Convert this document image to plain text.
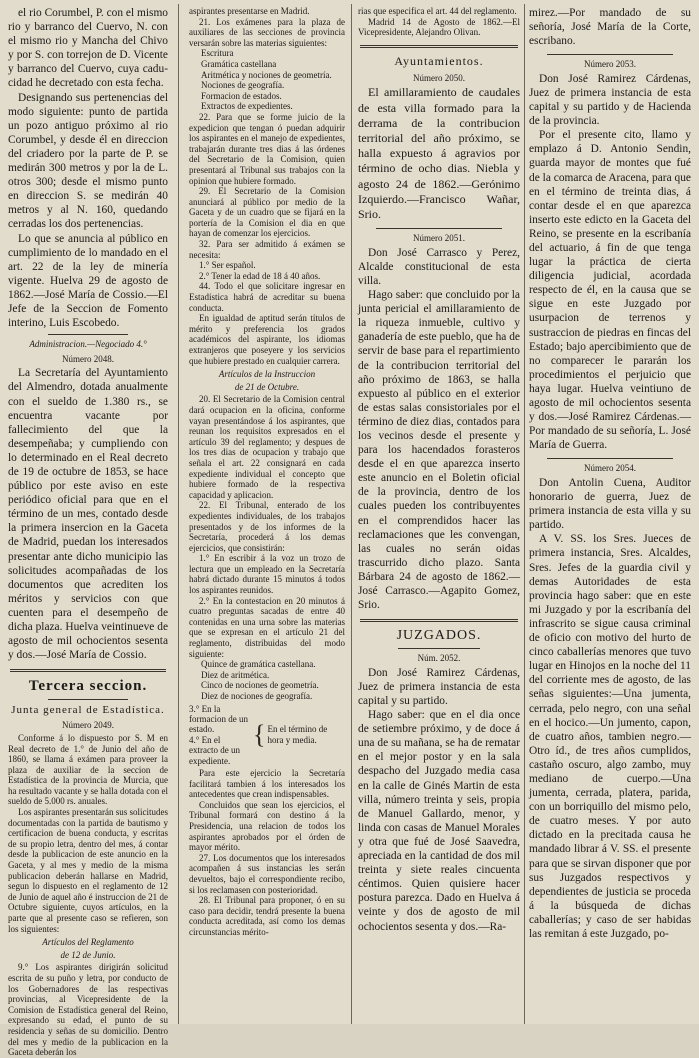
el rio Corumbel, P. con el mismo rio y barranco del Cuervo, N. con el mismo rio y Mancha del Chivo y por S. con torrejon de D. Vicente y barranco del Cuervo, cuya cadu-cidad he decretado con esta fecha.

Designando sus pertenencias del modo siguiente: punto de partida un pozo antiguo próximo al rio Corumbel, y desde él en direccion del criadero por la parte de P. se medirán 300 metros y por la de L. otros 300; desde el mismo punto en direccion S. se medirán 40 metros y al N. 160, quedando cerradas los dos pertenencias.

Lo que se anuncia al público en cumplimiento de lo mandado en el art. 22 de la ley de minería vigente. Huelva 29 de agosto de 1862.—José María de Cossio.—El Jefe de la Seccion de Fomento interino, Luis Escobedo.

Administracion.—Negociado 4.°

Número 2048.

La Secretaría del Ayuntamiento del Almendro, dotada anualmente con el sueldo de 1.380 rs., se encuentra vacante por fallecimiento del que la desempeñaba; y cumpliendo con lo determinado en el Real decreto de 19 de octubre de 1853, se hace público por este aviso en este periódico oficial para que en el término de un mes, contado desde la primera insercion en la Gaceta de Madrid, puedan los interesados presentar ante dicho municipio las solicitudes acompañadas de los documentos que acrediten los méritos y servicios con que cuenten para el desempeño de dicha plaza. Huelva veintinueve de agosto de mil ochocientos sesenta y dos.—José María de Cossio.

Tercera seccion.
Junta general de Estadística.

Número 2049.

Conforme á lo dispuesto por S. M en Real decreto de 1.° de Junio del año de 1860, se llama á exámen para proveer la plaza de auxiliar de la seccion de Estadística de la provincia de Murcia, que ha resultado vacante y se halla dotada con el sueldo de 5.000 rs. anuales.

Los aspirantes presentarán sus solicitudes documentadas con la partida de bautismo y certificacion de buena conducta, y escritas de su propio letra, dentro del mes, á contar desde la publicacion de este anuncio en la Gaceta, y al mes y medio de la misma publicacion deberán hallarse en Madrid, segun lo dispuesto en el reglamento de 12 de Junio de aquel año é instruccion de 21 de Octubre siguiente, cuyos artículos, en la parte que al presente caso se refieren, son los siguientes:

Artículos del Reglamento

de 12 de Junio.

9.° Los aspirantes dirigirán solicitud escrita de su puño y letra, por conducto de los Gobernadores de las respectivas provincias, al Vicepresidente de la Comision de Estadística general del Reino, expresando su edad, el punto de su residencia y señas de su domicilio. Dentro del mes y medio de la publicacion en la Gaceta deberán los

aspirantes presentarse en Madrid.

21. Los exámenes para la plaza de auxiliares de las secciones de provincia versarán sobre las materias siguientes:

Escritura
Gramática castellana
Aritmética y nociones de geometría.
Nociones de geografía.
Formacion de estados.
Extractos de expedientes.

22. Para que se forme juicio de la expedicion que tengan ó puedan adquirir los aspirantes en el manejo de expedientes, trabajarán durante tres dias á las órdenes del Secretario de la Comision, quien presentará al Tribunal sus trabajos con la opinion que hubiere formado.

29. El Secretario de la Comision anunciará al público por medio de la Gaceta y de un cuadro que se fijará en la portería de la Comision el dia en que hayan de comenzar los ejercicios.

32. Para ser admitido á exámen se necesita:

1.° Ser español.

2.° Tener la edad de 18 á 40 años.

44. Todo el que solicitare ingresar en Estadística habrá de acreditar su buena conducta.

En igualdad de aptitud serán títulos de mérito y preferencia los grados académicos del aspirante, los idiomas extranjeros que poseyere y los servicios que hubiere prestado en cualquier carrera.

Artículos de la Instruccion

de 21 de Octubre.

20. El Secretario de la Comision central dará ocupacion en la oficina, conforme vayan presentándose á los aspirantes, que reunan los requisitos expresados en el artículo 39 del reglamento; y despues de los tres dias de ocupacion y trabajo que señala el art. 22 consignará en cada expediente individual el concepto que hubiere formado de la respectiva capacidad y aplicacion.

22. El Tribunal, enterado de los expedientes individuales, de los trabajos presentados y de los informes de la Secretaría, procederá á los demas ejercicios, que consistirán:

1.° En escribir á la voz un trozo de lectura que un empleado en la Secretaría habrá dictado durante 15 minutos á todos los aspirantes reunidos.

2.° En la contestacion en 20 minutos á cuatro preguntas sacadas de entre 40 contenidas en una urna sobre las materias que se expresan en el artículo 21 del reglamento, distribuidas del modo siguiente:

Quince de gramática castellana.
Diez de aritmética.
Cinco de nociones de geometría.
Diez de nociones de geografía.
3.° En la formacion de un estado.
4.° En el extracto de un expediente.
{ En el término de hora y media.

Para este ejercicio la Secretaría facilitará tambien á los interesados los antecedentes que crean indispensables.

Concluidos que sean los ejercicios, el Tribunal formará con destino á la Presidencia, una relacion de todos los aspirantes aprobados por el órden de mayor mérito.

27. Los documentos que los interesados acompañen á sus instancias les serán devueltos, bajo el correspondiente recibo, si los reclamasen con posterioridad.

28. El Tribunal para proponer, ó en su caso para decidir, tendrá presente la buena conducta acreditada, así como los demas circunstancias mérito-

rias que especifica el art. 44 del reglamento.

Madrid 14 de Agosto de 1862.—El Vicepresidente, Alejandro Olivan.

Ayuntamientos.

Número 2050.

El amillaramiento de caudales de esta villa formado para la derrama de la contribucion territorial del año próximo, se halla expuesto á agravios por término de ocho dias. Niebla y agosto 24 de 1862.—Gerónimo Izquierdo.—Francisco Wañar, Srio.

Número 2051.

Don José Carrasco y Perez, Alcalde constitucional de esta villa.

Hago saber: que concluido por la junta pericial el amillaramiento de la riqueza inmueble, cultivo y ganadería de este pueblo, que ha de servir de base para el repartimiento de la contribucion territorial del año próximo de 1863, se halla expuesto al público en el exterior de estas salas consistoriales por el término de diez dias, contados para los vecinos desde el presente y para los hacendados forasteros desde el en que aparezca inserto este anuncio en el Boletin oficial de la provincia, dentro de los cuales pueden los contribuyentes en el comprendidos hacer las reclamaciones que les convengan, las cuales no serán oidas trascurrido dicho plazo. Santa Bárbara 24 de agosto de 1862.—José Carrasco.—Agapito Gomez, Srio.

JUZGADOS.

Núm. 2052.

Don José Ramirez Cárdenas, Juez de primera instancia de esta capital y su partido.

Hago saber: que en el dia once de setiembre próximo, y de doce á una de su mañana, se ha de rematar en el mejor postor y en la sala despacho del Juzgado media casa en la calle de Ginés Martin de esta villa, número treinta y seis, propia de Manuel Gallardo, menor, y linda con casas de Manuel Morales y otra que fué de José Saavedra, apreciada en la cantidad de dos mil treinta y siete reales cincuenta céntimos. Quien quisiere hacer postura parezca. Dado en Huelva á veinte y dos de agosto de mil ochocientos sesenta y dos.—Ra-

mirez.—Por mandado de su señoría, José María de la Corte, escribano.

Número 2053.

Don José Ramirez Cárdenas, Juez de primera instancia de esta capital y su partido y de Hacienda de la provincia.

Por el presente cito, llamo y emplazo á D. Antonio Sendin, guarda mayor de montes que fué de la comarca de Aracena, para que en el término de treinta dias, á contar desde el en que aparezca inserto este edicto en la Gaceta del Reino, se presente en la escribanía del actuario, á fin de que tenga lugar la práctica de cierta diligencia judicial, acordada respecto de él, en la causa que se sigue en este Juzgado por usurpacion de terrenos y sustraccion de piedras en fincas del Estado; bajo apercibimiento que de no comparecer le pararán los procedimientos el perjuicio que haya lugar. Huelva veintiuno de agosto de mil ochocientos sesenta y dos.—José Ramirez Cárdenas.—Por mandado de su señoría, L. José María de Guerra.

Número 2054.

Don Antolin Cuena, Auditor honorario de guerra, Juez de primera instancia de esta villa y su partido.

A V. SS. los Sres. Jueces de primera instancia, Sres. Alcaldes, Sres. Jefes de la guardia civil y demas Autoridades de esta provincia hago saber: que en este mi Juzgado y por la escribanía del infrascrito se sigue causa criminal de oficio con motivo del hurto de cinco caballerías menores que tuvo lugar en Hinojos en la noche del 11 del corriente mes de agosto, de las señas siguientes:—Una jumenta, cerrada, pelo negro, con una señal en el hocico.—Un jumento, capon, de cuatro años, tambien negro.—Otro íd., de tres años cumplidos, castaño oscuro, algo zambo, muy mediano de cuerpo.—Una jumenta, cerrada, platera, parida, con un borriquillo del mismo pelo, de cuatro meses. Y por auto dictado en la precitada causa he mandado librar á V. SS. el presente para que se sirvan disponer que por sus Juzgados respectivos y dependientes de justicia se proceda á la búsqueda de dichas caballerías; y caso de ser habidas las remitan á este Juzgado, po-
